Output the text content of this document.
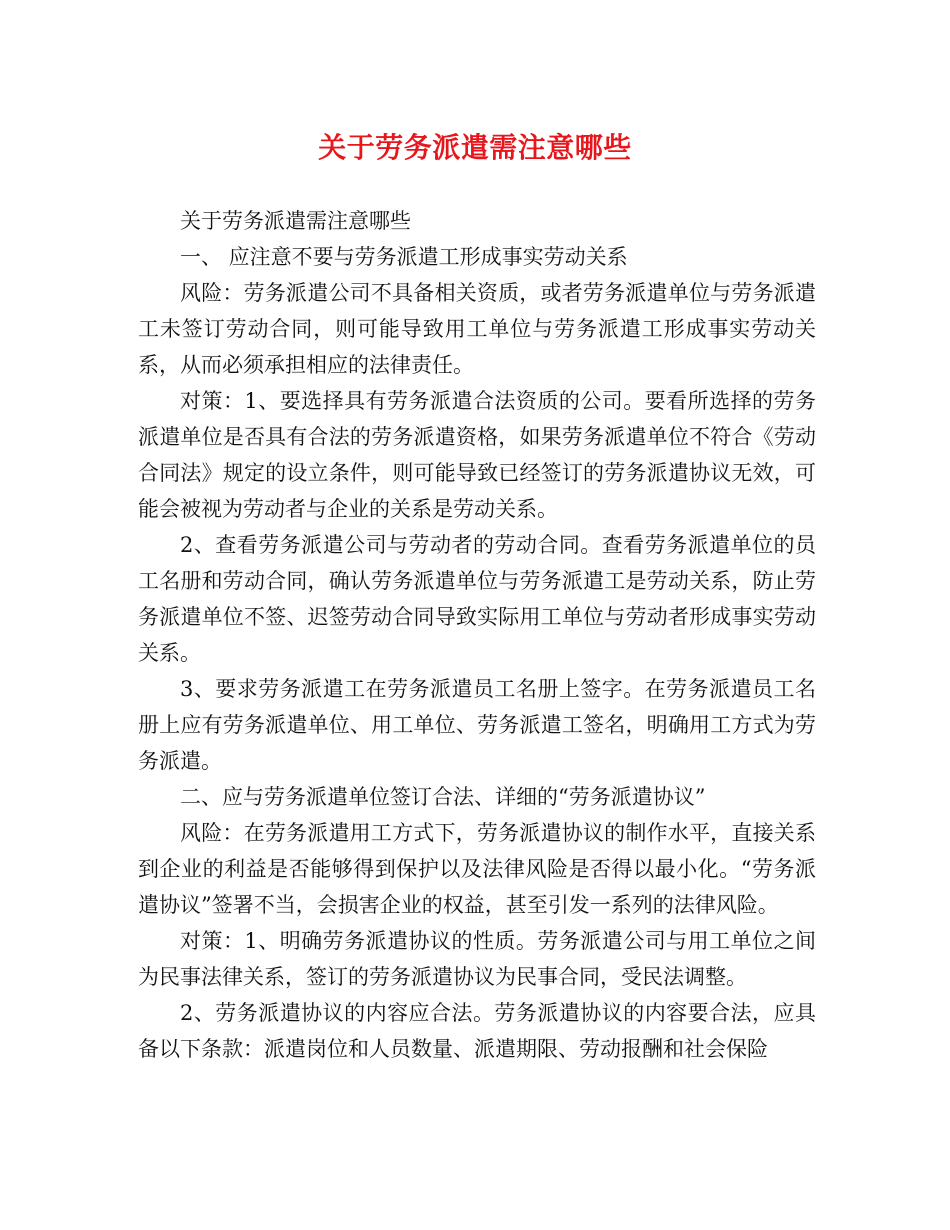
关于劳务派遣需注意哪些

关于劳务派遣需注意哪些

一、 应注意不要与劳务派遣工形成事实劳动关系

风险：劳务派遣公司不具备相关资质，或者劳务派遣单位与劳务派遣工未签订劳动合同，则可能导致用工单位与劳务派遣工形成事实劳动关系，从而必须承担相应的法律责任。

对策：1、要选择具有劳务派遣合法资质的公司。要看所选择的劳务派遣单位是否具有合法的劳务派遣资格，如果劳务派遣单位不符合《劳动合同法》规定的设立条件，则可能导致已经签订的劳务派遣协议无效，可能会被视为劳动者与企业的关系是劳动关系。

2、查看劳务派遣公司与劳动者的劳动合同。查看劳务派遣单位的员工名册和劳动合同，确认劳务派遣单位与劳务派遣工是劳动关系，防止劳务派遣单位不签、迟签劳动合同导致实际用工单位与劳动者形成事实劳动关系。

3、要求劳务派遣工在劳务派遣员工名册上签字。在劳务派遣员工名册上应有劳务派遣单位、用工单位、劳务派遣工签名，明确用工方式为劳务派遣。

二、应与劳务派遣单位签订合法、详细的“劳务派遣协议”

风险：在劳务派遣用工方式下，劳务派遣协议的制作水平，直接关系到企业的利益是否能够得到保护以及法律风险是否得以最小化。“劳务派遣协议”签署不当，会损害企业的权益，甚至引发一系列的法律风险。

对策：1、明确劳务派遣协议的性质。劳务派遣公司与用工单位之间为民事法律关系，签订的劳务派遣协议为民事合同，受民法调整。

2、劳务派遣协议的内容应合法。劳务派遣协议的内容要合法，应具备以下条款：派遣岗位和人员数量、派遣期限、劳动报酬和社会保险
